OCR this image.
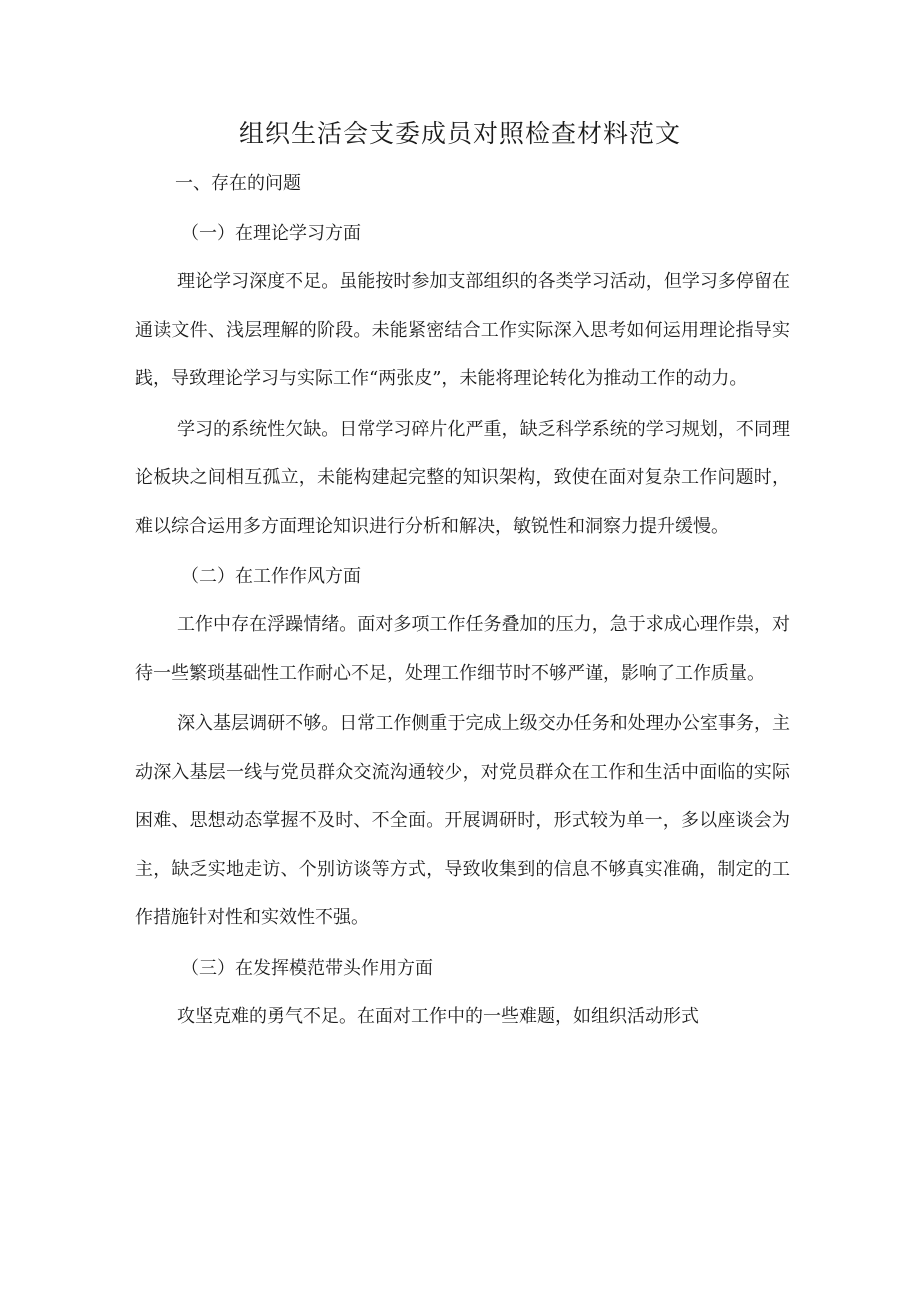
组织生活会支委成员对照检查材料范文

一、存在的问题

（一）在理论学习方面

理论学习深度不足。虽能按时参加支部组织的各类学习活动，但学习多停留在通读文件、浅层理解的阶段。未能紧密结合工作实际深入思考如何运用理论指导实践，导致理论学习与实际工作“两张皮”，未能将理论转化为推动工作的动力。

学习的系统性欠缺。日常学习碎片化严重，缺乏科学系统的学习规划，不同理论板块之间相互孤立，未能构建起完整的知识架构，致使在面对复杂工作问题时，难以综合运用多方面理论知识进行分析和解决，敏锐性和洞察力提升缓慢。

（二）在工作作风方面

工作中存在浮躁情绪。面对多项工作任务叠加的压力，急于求成心理作祟，对待一些繁琐基础性工作耐心不足，处理工作细节时不够严谨，影响了工作质量。

深入基层调研不够。日常工作侧重于完成上级交办任务和处理办公室事务，主动深入基层一线与党员群众交流沟通较少，对党员群众在工作和生活中面临的实际困难、思想动态掌握不及时、不全面。开展调研时，形式较为单一，多以座谈会为主，缺乏实地走访、个别访谈等方式，导致收集到的信息不够真实准确，制定的工作措施针对性和实效性不强。

（三）在发挥模范带头作用方面

攻坚克难的勇气不足。在面对工作中的一些难题，如组织活动形式
